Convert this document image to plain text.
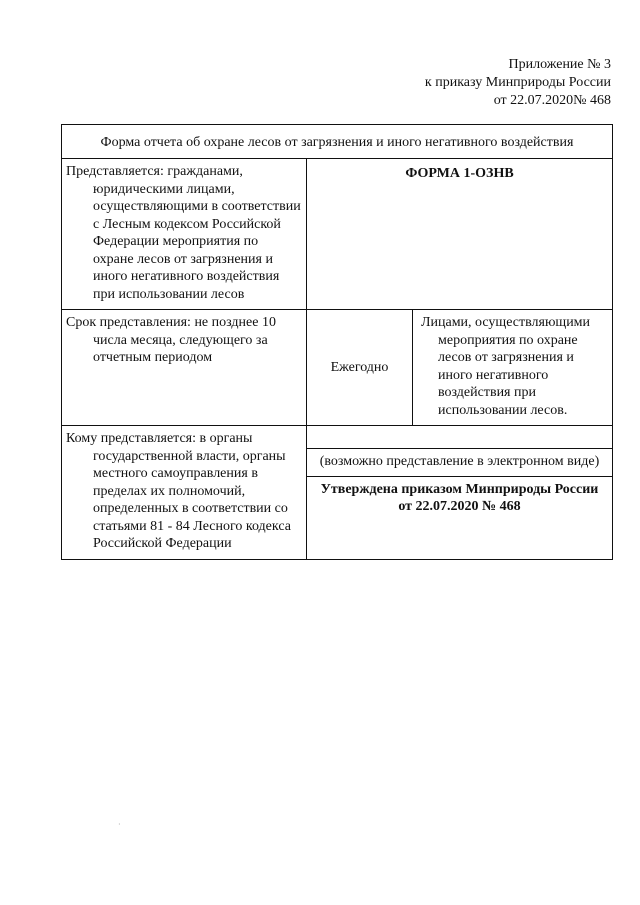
Приложение № 3
к приказу Минприроды России
от 22.07.2020№ 468
Форма отчета об охране лесов от загрязнения и иного негативного воздействия
Представляется: гражданами, юридическими лицами, осуществляющими в соответствии с Лесным кодексом Российской Федерации мероприятия по охране лесов от загрязнения и иного негативного воздействия при использовании лесов
ФОРМА 1-ОЗНВ
Срок представления: не позднее 10 числа месяца, следующего за отчетным периодом
Ежегодно
Лицами, осуществляющими мероприятия по охране лесов от загрязнения и иного негативного воздействия при использовании лесов.
Кому представляется: в органы государственной власти, органы местного самоуправления в пределах их полномочий, определенных в соответствии со статьями 81 - 84 Лесного кодекса Российской Федерации
(возможно представление в электронном виде)
Утверждена приказом Минприроды России от 22.07.2020 № 468
·
